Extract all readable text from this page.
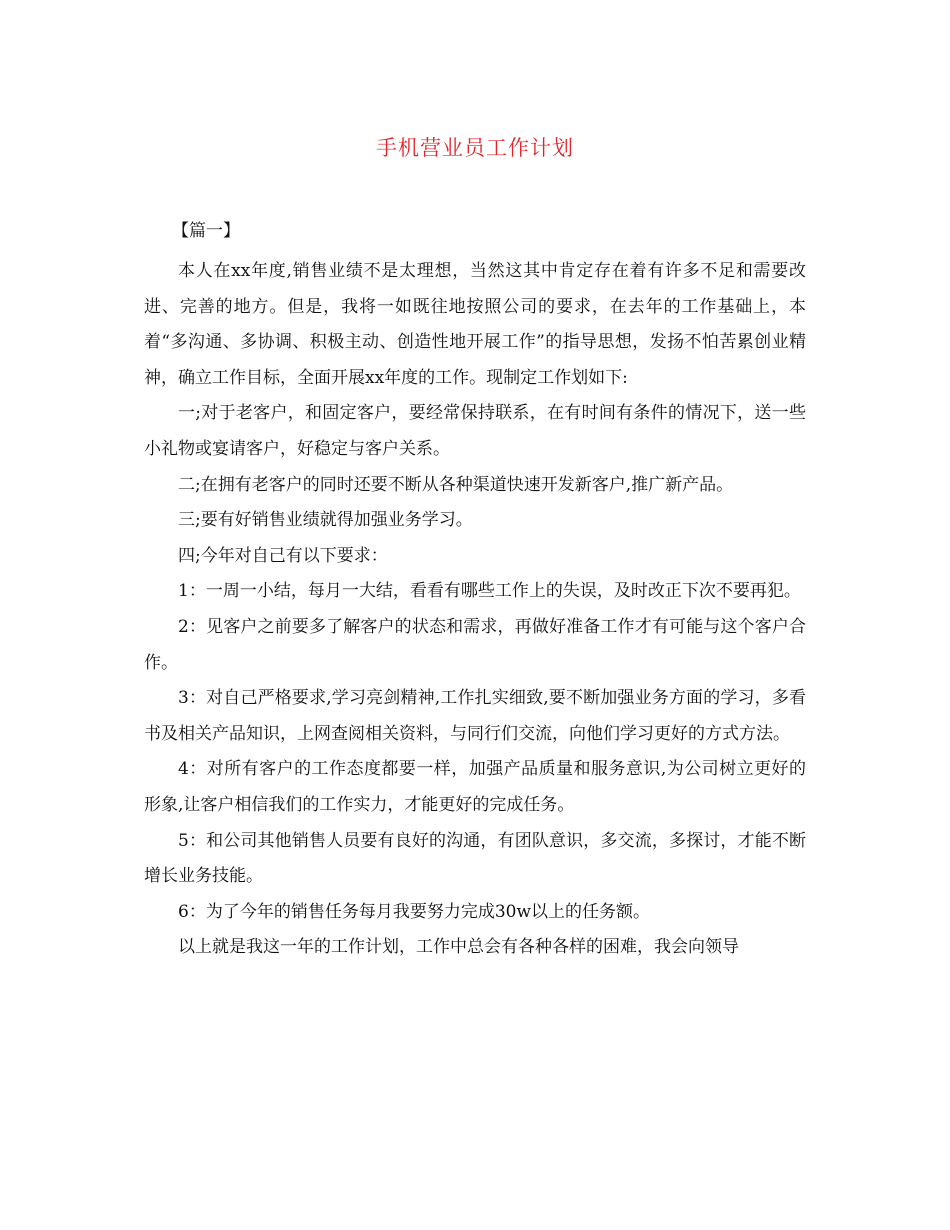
手机营业员工作计划
【篇一】

本人在xx年度,销售业绩不是太理想，当然这其中肯定存在着有许多不足和需要改进、完善的地方。但是，我将一如既往地按照公司的要求，在去年的工作基础上，本着“多沟通、多协调、积极主动、创造性地开展工作”的指导思想，发扬不怕苦累创业精神，确立工作目标，全面开展xx年度的工作。现制定工作划如下:

一;对于老客户，和固定客户，要经常保持联系，在有时间有条件的情况下，送一些小礼物或宴请客户，好稳定与客户关系。

二;在拥有老客户的同时还要不断从各种渠道快速开发新客户,推广新产品。

三;要有好销售业绩就得加强业务学习。

四;今年对自己有以下要求：

1：一周一小结，每月一大结，看看有哪些工作上的失误，及时改正下次不要再犯。

2：见客户之前要多了解客户的状态和需求，再做好准备工作才有可能与这个客户合作。

3：对自己严格要求,学习亮剑精神,工作扎实细致,要不断加强业务方面的学习，多看书及相关产品知识，上网查阅相关资料，与同行们交流，向他们学习更好的方式方法。

4：对所有客户的工作态度都要一样，加强产品质量和服务意识,为公司树立更好的形象,让客户相信我们的工作实力，才能更好的完成任务。

5：和公司其他销售人员要有良好的沟通，有团队意识，多交流，多探讨，才能不断增长业务技能。

6：为了今年的销售任务每月我要努力完成30w以上的任务额。

以上就是我这一年的工作计划，工作中总会有各种各样的困难，我会向领导
